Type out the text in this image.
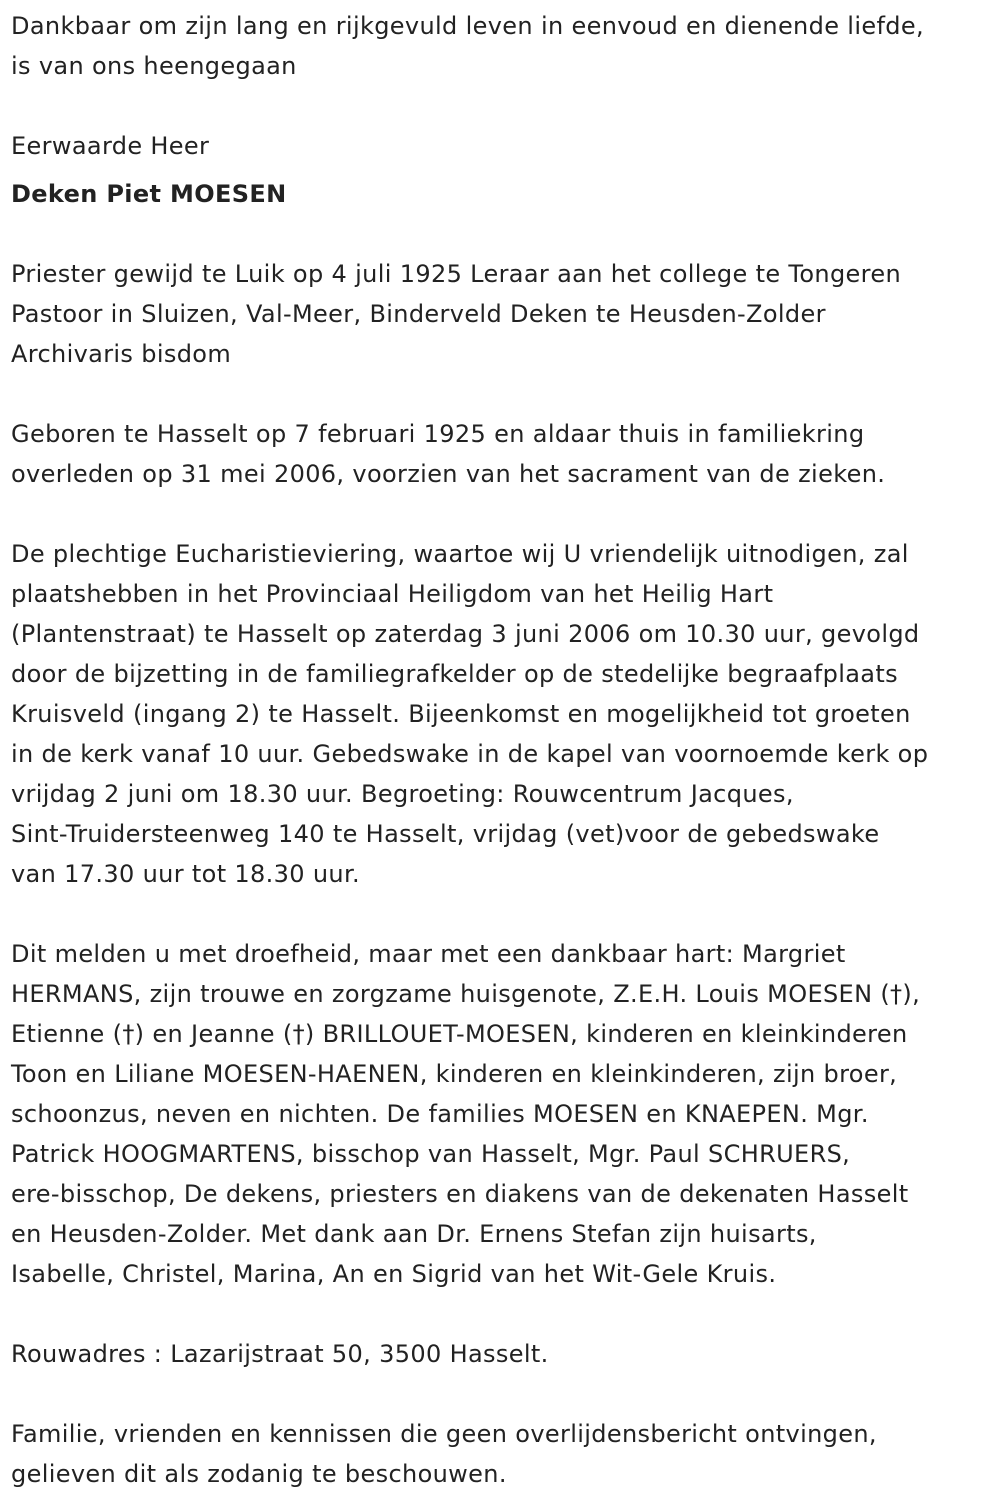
Dankbaar om zijn lang en rijkgevuld leven in eenvoud en dienende liefde,
is van ons heengegaan
Eerwaarde Heer
Deken Piet MOESEN
Priester gewijd te Luik op 4 juli 1925 Leraar aan het college te Tongeren
Pastoor in Sluizen, Val-Meer, Binderveld Deken te Heusden-Zolder
Archivaris bisdom
Geboren te Hasselt op 7 februari 1925 en aldaar thuis in familiekring
overleden op 31 mei 2006, voorzien van het sacrament van de zieken.
De plechtige Eucharistieviering, waartoe wij U vriendelijk uitnodigen, zal
plaatshebben in het Provinciaal Heiligdom van het Heilig Hart
(Plantenstraat) te Hasselt op zaterdag 3 juni 2006 om 10.30 uur, gevolgd
door de bijzetting in de familiegrafkelder op de stedelijke begraafplaats
Kruisveld (ingang 2) te Hasselt. Bijeenkomst en mogelijkheid tot groeten
in de kerk vanaf 10 uur. Gebedswake in de kapel van voornoemde kerk op
vrijdag 2 juni om 18.30 uur. Begroeting: Rouwcentrum Jacques,
Sint-Truidersteenweg 140 te Hasselt, vrijdag (vet)voor de gebedswake
van 17.30 uur tot 18.30 uur.
Dit melden u met droefheid, maar met een dankbaar hart: Margriet
HERMANS, zijn trouwe en zorgzame huisgenote, Z.E.H. Louis MOESEN (†),
Etienne (†) en Jeanne (†) BRILLOUET-MOESEN, kinderen en kleinkinderen
Toon en Liliane MOESEN-HAENEN, kinderen en kleinkinderen, zijn broer,
schoonzus, neven en nichten. De families MOESEN en KNAEPEN. Mgr.
Patrick HOOGMARTENS, bisschop van Hasselt, Mgr. Paul SCHRUERS,
ere-bisschop, De dekens, priesters en diakens van de dekenaten Hasselt
en Heusden-Zolder. Met dank aan Dr. Ernens Stefan zijn huisarts,
Isabelle, Christel, Marina, An en Sigrid van het Wit-Gele Kruis.
Rouwadres : Lazarijstraat 50, 3500 Hasselt.
Familie, vrienden en kennissen die geen overlijdensbericht ontvingen,
gelieven dit als zodanig te beschouwen.
